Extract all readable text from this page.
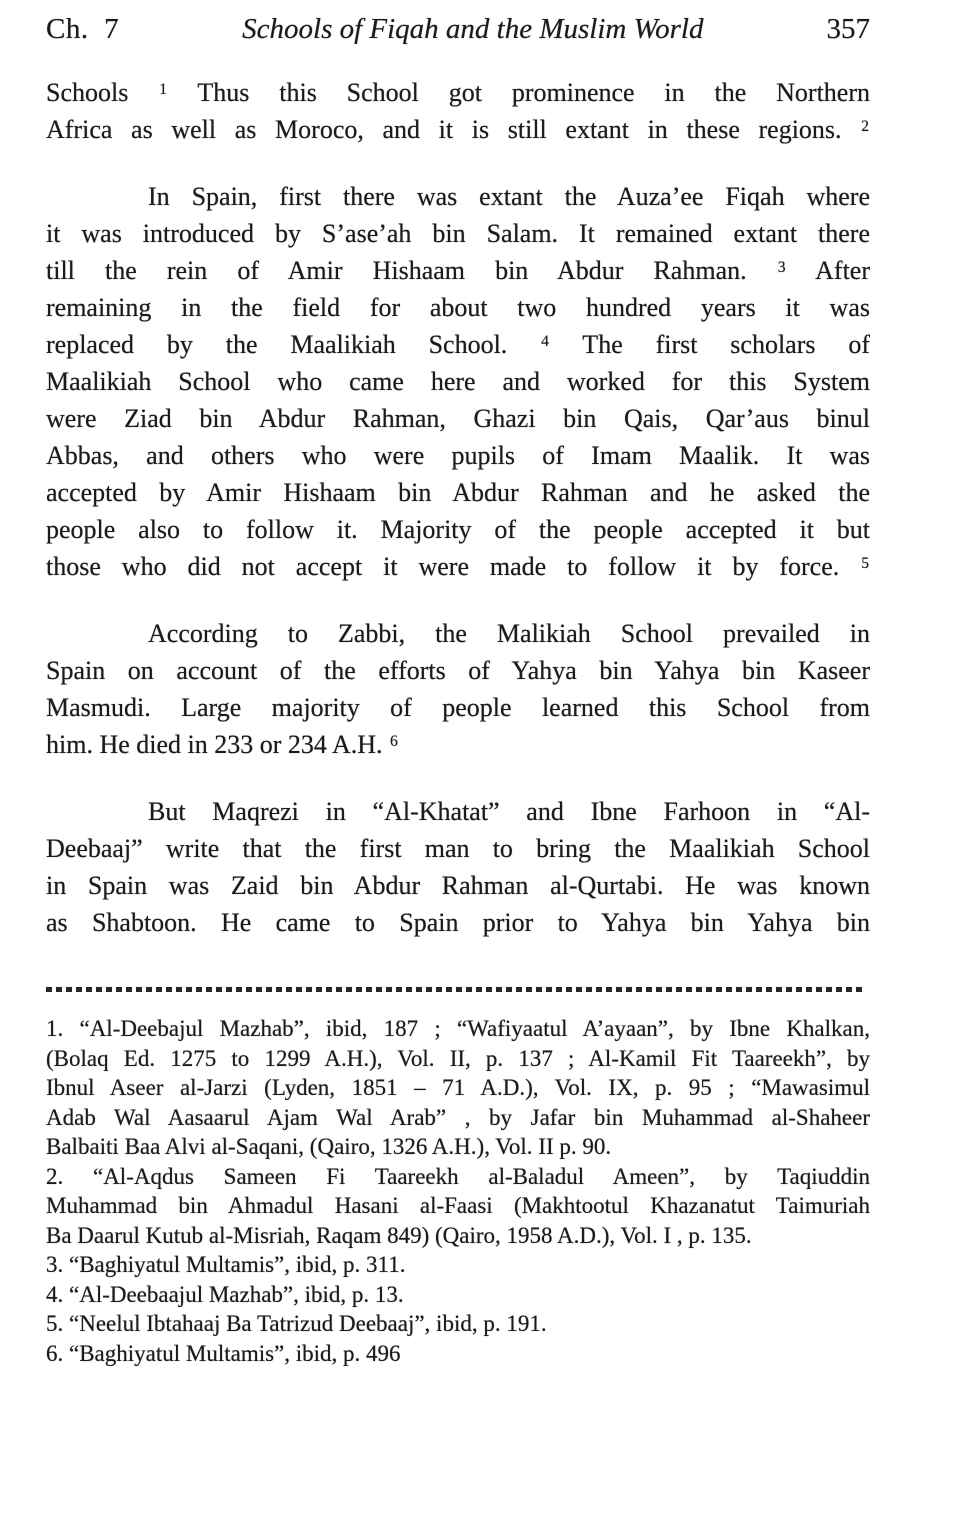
Ch.  7	Schools of Fiqah and the Muslim World	357
Schools $^1$ Thus this School got prominence in the Northern
Africa as well as Moroco, and it is still extant in these regions. $^2$
In Spain, first there was extant the Auza’ee Fiqah where
it was introduced by S’ase’ah bin Salam. It remained extant there
till the rein of Amir Hishaam bin Abdur Rahman. $^3$ After
remaining in the field for about two hundred years it was
replaced by the Maalikiah School. $^4$ The first scholars of
Maalikiah School who came here and worked for this System
were Ziad bin Abdur Rahman, Ghazi bin Qais, Qar’aus binul
Abbas, and others who were pupils of Imam Maalik. It was
accepted by Amir Hishaam bin Abdur Rahman and he asked the
people also to follow it. Majority of the people accepted it but
those who did not accept it were made to follow it by force. $^5$
According to Zabbi, the Malikiah School prevailed in
Spain on account of the efforts of Yahya bin Yahya bin Kaseer
Masmudi. Large majority of people learned this School from
him. He died in 233 or 234 A.H. $^6$
But Maqrezi in “Al-Khatat” and Ibne Farhoon in “Al-
Deebaaj” write that the first man to bring the Maalikiah School
in Spain was Zaid bin Abdur Rahman al-Qurtabi. He was known
as Shabtoon. He came to Spain prior to Yahya bin Yahya bin
1. “Al-Deebajul Mazhab”, ibid, 187 ; “Wafiyaatul A’ayaan”, by Ibne Khalkan,
(Bolaq Ed. 1275 to 1299 A.H.), Vol. II, p. 137 ; Al-Kamil Fit Taareekh”, by
Ibnul Aseer al-Jarzi (Lyden, 1851 – 71 A.D.), Vol. IX, p. 95 ; “Mawasimul
Adab Wal Aasaarul Ajam Wal Arab” , by Jafar bin Muhammad al-Shaheer
Balbaiti Baa Alvi al-Saqani, (Qairo, 1326 A.H.), Vol. II p. 90.
2. “Al-Aqdus Sameen Fi Taareekh al-Baladul Ameen”, by Taqiuddin
Muhammad bin Ahmadul Hasani al-Faasi (Makhtootul Khazanatut Taimuriah
Ba Daarul Kutub al-Misriah, Raqam 849) (Qairo, 1958 A.D.), Vol. I , p. 135.
3. “Baghiyatul Multamis”, ibid, p. 311.
4. “Al-Deebaajul Mazhab”, ibid, p. 13.
5. “Neelul Ibtahaaj Ba Tatrizud Deebaaj”, ibid, p. 191.
6. “Baghiyatul Multamis”, ibid, p. 496
